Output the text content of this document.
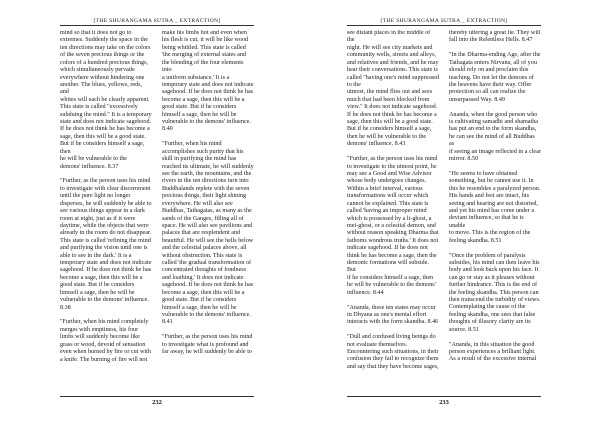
[THE SHURANGAMA SUTRA _ EXTRACTION]

mind so that it does not go to
extremes. Suddenly the space in the
ten directions may take on the colors
of the seven precious things or the
colors of a hundred precious things,
which simultaneously pervade
everywhere without hindering one
another. The blues, yellows, reds, and
whites will each be clearly apparent.
This state is called "excessively
subduing the mind." It is a temporary
state and does not indicate sagehood.
If he does not think he has become a
sage, then this will be a good state.
But if he considers himself a sage, then
he will be vulnerable to the
demons' influence. 8.37

"Further, as the person uses his mind
to investigate with clear discernment
until the pure light no longer
disperses, he will suddenly be able to
see various things appear in a dark
room at night, just as if it were
daytime, while the objects that were
already in the room do not disappear.
This state is called 'refining the mind
and purifying the vision until one is
able to see in the dark.' It is a
temporary state and does not indicate
sagehood. If he does not think he has
become a sage, then this will be a
good state. But if he considers
himself a sage, then he will be
vulnerable to the demons' influence.
8.38

"Further, when his mind completely
merges with emptiness, his four
limbs will suddenly become like
grass or wood, devoid of sensation
even when burned by fire or cut with
a knife. The burning of fire will not

make his limbs hot and even when
his flesh is cut, it will be like wood
being whittled. This state is called
'the merging of external states and
the blending of the four elements into
a uniform substance.' It is a
temporary state and does not indicate
sagehood. If he does not think he has
become a sage, then this will be a
good state. But if he considers
himself a sage, then he will be
vulnerable to the demons' influence.
8.40

"Further, when his mind
accomplishes such purity that his
skill in purifying the mind has
reached its ultimate, he will suddenly
see the earth, the mountains, and the
rivers in the ten directions turn into
Buddhalands replete with the seven
precious things, their light shining
everywhere. He will also see
Buddhas, Tathagatas, as many as the
sands of the Ganges, filling all of
space. He will also see pavilions and
palaces that are resplendent and
beautiful. He will see the hells below
and the celestial palaces above, all
without obstruction. This state is
called 'the gradual transformation of
concentrated thoughts of fondness
and loathing.' It does not indicate
sagehood. If he does not think he has
become a sage, then this will be a
good state. But if he considers
himself a sage, then he will be
vulnerable to the demons' influence.
8.41

"Further, as the person uses his mind
to investigate what is profound and
far away, he will suddenly be able to

232
[THE SHURANGAMA SUTRA _ EXTRACTION]

see distant places in the middle of the
night. He will see city markets and
community wells, streets and alleys,
and relatives and friends, and he may
hear their conversations. This state is
called "having one's mind suppressed to the
utmost, the mind flies out and sees
much that had been blocked from
view." It does not indicate sagehood.
If he does not think he has become a
sage, then this will be a good state.
But if he considers himself a sage,
then he will be vulnerable to the
demons' influence. 8.43

"Further, as the person uses his mind
to investigate to the utmost point, he
may see a Good and Wise Advisor
whose body undergoes changes.
Within a brief interval, various
transformations will occur which
cannot be explained. This state is
called 'having an improper mind
which is possessed by a li-ghost, a
mei-ghost, or a celestial demon, and
without reason speaking Dharma that
fathoms wondrous truths.' It does not
indicate sagehood. If he does not
think he has become a sage, then the
demonic formations will subside. But
if he considers himself a sage, then
he will be vulnerable to the demons'
influence. 8.44

"Ananda, these ten states may occur
in Dhyana as one's mental effort
interacts with the form skandha. 8.46

"Dull and confused living beings do
not evaluate themselves.
Encountering such situations, in their
confusion they fail to recognize them
and say that they have become sages,

thereby uttering a great lie. They will
fall into the Relentless Hells. 8.47

"In the Dharma-ending Age, after the
Tathagata enters Nirvana, all of you
should rely on and proclaim this
teaching. Do not let the demons of
the heavens have their way. Offer
protection so all can realize the
unsurpassed Way. 8.49

Ananda, when the good person who
is cultivating samadhi and shamatha
has put an end to the form skandha,
he can see the mind of all Buddhas as
if seeing an image reflected in a clear
mirror. 8.50

"He seems to have obtained
something, but he cannot use it. In
this he resembles a paralyzed person.
His hands and feet are intact, his
seeing and hearing are not distorted,
and yet his mind has come under a
deviant influence, so that he is unable
to move. This is the region of the
feeling skandha. 8.51

"Once the problem of paralysis
subsides, his mind can then leave his
body and look back upon his face. It
can go or stay as it pleases without
further hindrance. This is the end of
the feeling skandha. This person can
then transcend the turbidity of views.
Contemplating the cause of the
feeling skandha, one sees that false
thoughts of illusory clarity are its
source. 8.51

"Ananda, in this situation the good
person experiences a brilliant light.
As a result of the excessive internal

233
